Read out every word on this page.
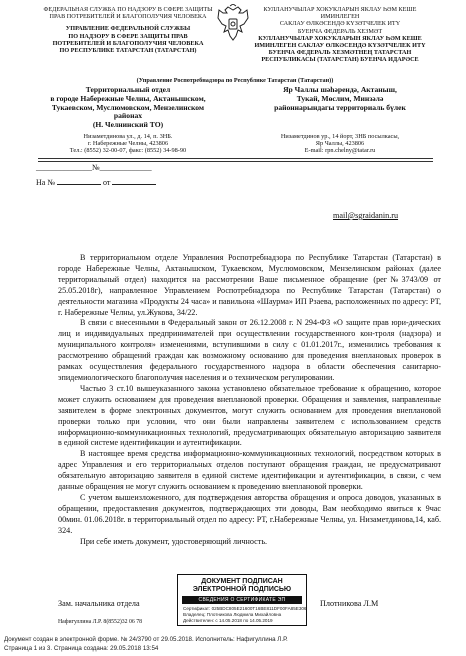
ФЕДЕРАЛЬНАЯ СЛУЖБА ПО НАДЗОРУ В СФЕРЕ ЗАЩИТЫ
ПРАВ ПОТРЕБИТЕЛЕЙ И БЛАГОПОЛУЧИЯ ЧЕЛОВЕКА
УПРАВЛЕНИЕ ФЕДЕРАЛЬНОЙ СЛУЖБЫ
ПО НАДЗОРУ В СФЕРЕ ЗАЩИТЫ ПРАВ
ПОТРЕБИТЕЛЕЙ И БЛАГОПОЛУЧИЯ ЧЕЛОВЕКА
ПО РЕСПУБЛИКЕ ТАТАРСТАН (ТАТАРСТАН)
КУЛЛАНУЧЫЛАР ХОКУКЛАРЫН ЯКЛАУ ҺӘМ КЕШЕ ИМИНЛЕГЕН
САКЛАУ ӨЛКӘСЕНДӘ КҮЗӘТЧЕЛЕК ИТҮ
БУЕНЧА ФЕДЕРАЛЬ ХЕЗМӘТ
КУЛЛАНУЧЫЛАР ХОКУКЛАРЫН ЯКЛАУ ҺӘМ КЕШЕ
ИМИНЛЕГЕН САКЛАУ ӨЛКӘСЕНДӘ КҮЗӘТЧЕЛЕК ИТҮ
БУЕНЧА ФЕДЕРАЛЬ ХЕЗМӘТНЕҢ ТАТАРСТАН
РЕСПУБЛИКАСЫ (ТАТАРСТАН) БУЕНЧА ИДАРӘСЕ
(Управление Роспотребнадзора по Республике Татарстан (Татарстан))
Территориальный отдел
в городе Набережные Челны, Актанышском,
Тукаевском, Муслюмовском, Мензелинском
районах
(Н. Челнинский ТО)
Яр Чаллы шәһәрендә, Актаныш,
Тукай, Мөслим, Минзәлә
районнарындагы территориаль бүлек
Низаметдинова ул., д. 14, п. 3НБ.
г. Набережные Челны, 423806
Тел.: (8552) 32-00-07, факс: (8552) 34-98-90
Низаметдинов ур., 14 йорт, 3НБ посылкасы,
Яр Чаллы, 423806
E-mail: rpn.chelny@tatar.ru
______________№_____________
На №	от
mail@sgraidanin.ru

В территориальном отделе Управления Роспотребнадзора по Республике Татарстан (Татарстан) в городе Набережные Челны, Актанышском, Тукаевском, Муслюмовском, Мензелинском районах (далее территориальный отдел) находится на рассмотрении Ваше письменное обращение (рег№3743/09 от 25.05.2018г), направленное Управлением Роспотребнадзора по Республике Татарстан (Татарстан) о деятельности магазина «Продукты 24 часа» и павильона «Шаурма» ИП Рзаева, расположенных по адресу: РТ, г. Набережные Челны, ул.Жукова, 34/22.

В связи с внесенными в Федеральный закон от 26.12.2008 г. N 294-ФЗ «О защите прав юри-дических лиц и индивидуальных предпринимателей при осуществлении государственного кон-троля (надзора) и муниципального контроля» изменениями, вступившими в силу с 01.01.2017г., изменились требования к рассмотрению обращений граждан как возможному основанию для проведения внеплановых проверок в рамках осуществления федерального государственного надзора в области обеспечения санитарно-эпидемиологического благополучия населения и о техническом регулировании.

Частью 3 ст.10 вышеуказанного закона установлено обязательное требование к обращению, которое может служить основанием для проведения внеплановой проверки. Обращения и заявления, направленные заявителем в форме электронных документов, могут служить основанием для проведения внеплановой проверки только при условии, что они были направлены заявителем с использованием средств информационно-коммуникационных технологий, предусматривающих обязательную авторизацию заявителя в единой системе идентификации и аутентификации.

В настоящее время средства информационно-коммуникационных технологий, посредством которых в адрес Управления и его территориальных отделов поступают обращения граждан, не предусматривают обязательную авторизацию заявителя в единой системе идентификации и аутентификации, в связи, с чем данные обращения не могут служить основанием к проведению внеплановой проверки.

С учетом вышеизложенного, для подтверждения авторства обращения и опроса доводов, указанных в обращении, предоставления документов, подтверждающих эти доводы, Вам необходимо явиться к 9час 00мин. 01.06.2018г. в территориальный отдел по адресу: РТ, г.Набережные Челны, ул. Низаметдинова,14, каб. 324.

При себе иметь документ, удостоверяющий личность.

Зам. начальника отдела	Плотникова Л.М
Нафигуллина Л.Р. 8(8552)32 06 78
ДОКУМЕНТ ПОДПИСАН
ЭЛЕКТРОННОЙ ПОДПИСЬЮ
СВЕДЕНИЯ О СЕРТИФИКАТЕ ЭП
Сертификат: 025ВDC805Е21600Т16ВЕ811DF00FA85E306
Владелец: Плотникова Людмила Михайловна
Действителен: с 14.05.2018 по 14.05.2019
Документ создан в электронной форме. № 24/3790 от 29.05.2018. Исполнитель: Нафигуллина Л.Р.
Страница 1 из 3. Страница создана: 29.05.2018 13:54
